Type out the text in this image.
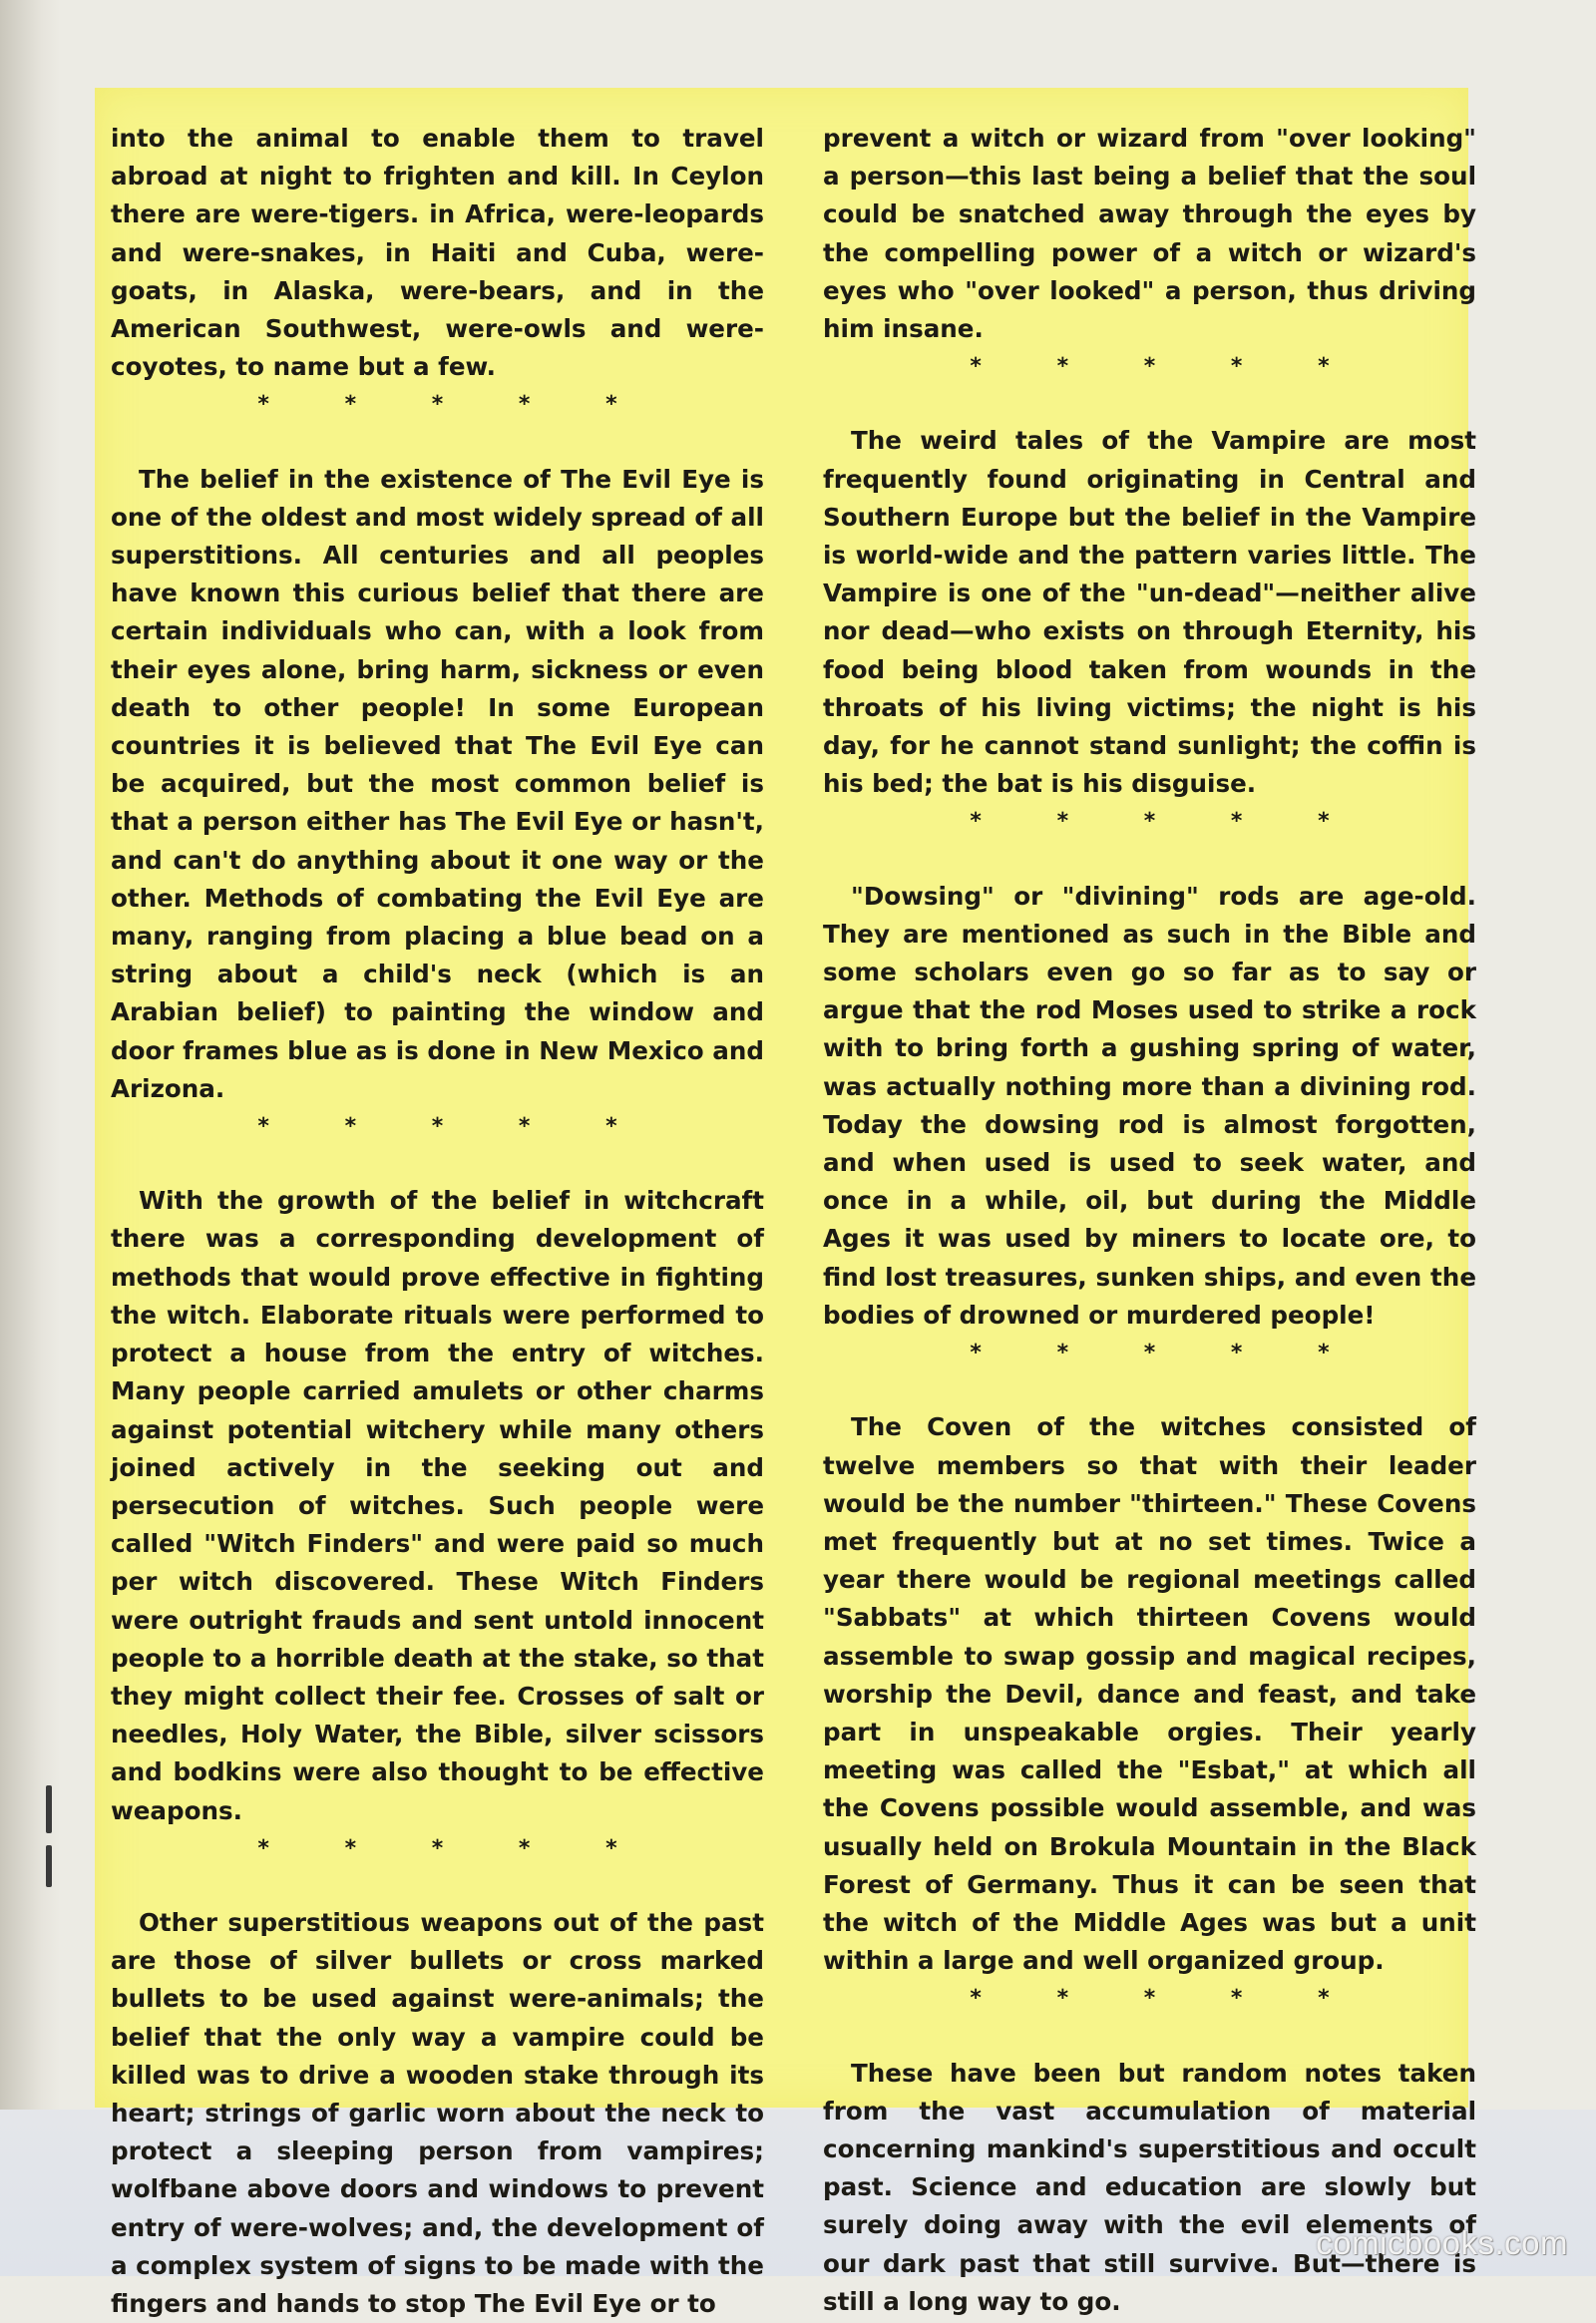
into the animal to enable them to travel abroad at night to frighten and kill. In Ceylon there are were-tigers. in Africa, were-leopards and were-snakes, in Haiti and Cuba, were-goats, in Alaska, were-bears, and in the American Southwest, were-owls and were-coyotes, to name but a few.

* * * * *

The belief in the existence of The Evil Eye is one of the oldest and most widely spread of all superstitions. All centuries and all peoples have known this curious belief that there are certain individuals who can, with a look from their eyes alone, bring harm, sickness or even death to other people! In some European countries it is believed that The Evil Eye can be acquired, but the most common belief is that a person either has The Evil Eye or hasn't, and can't do anything about it one way or the other. Methods of combating the Evil Eye are many, ranging from placing a blue bead on a string about a child's neck (which is an Arabian belief) to painting the window and door frames blue as is done in New Mexico and Arizona.

* * * * *

With the growth of the belief in witchcraft there was a corresponding development of methods that would prove effective in fighting the witch. Elaborate rituals were performed to protect a house from the entry of witches. Many people carried amulets or other charms against potential witchery while many others joined actively in the seeking out and persecution of witches. Such people were called "Witch Finders" and were paid so much per witch discovered. These Witch Finders were outright frauds and sent untold innocent people to a horrible death at the stake, so that they might collect their fee. Crosses of salt or needles, Holy Water, the Bible, silver scissors and bodkins were also thought to be effective weapons.

* * * * *

Other superstitious weapons out of the past are those of silver bullets or cross marked bullets to be used against were-animals; the belief that the only way a vampire could be killed was to drive a wooden stake through its heart; strings of garlic worn about the neck to protect a sleeping person from vampires; wolfbane above doors and windows to prevent entry of were-wolves; and, the development of a complex system of signs to be made with the fingers and hands to stop The Evil Eye or to

prevent a witch or wizard from "over looking" a person—this last being a belief that the soul could be snatched away through the eyes by the compelling power of a witch or wizard's eyes who "over looked" a person, thus driving him insane.

* * * * *

The weird tales of the Vampire are most frequently found originating in Central and Southern Europe but the belief in the Vampire is world-wide and the pattern varies little. The Vampire is one of the "un-dead"—neither alive nor dead—who exists on through Eternity, his food being blood taken from wounds in the throats of his living victims; the night is his day, for he cannot stand sunlight; the coffin is his bed; the bat is his disguise.

* * * * *

"Dowsing" or "divining" rods are age-old. They are mentioned as such in the Bible and some scholars even go so far as to say or argue that the rod Moses used to strike a rock with to bring forth a gushing spring of water, was actually nothing more than a divining rod. Today the dowsing rod is almost forgotten, and when used is used to seek water, and once in a while, oil, but during the Middle Ages it was used by miners to locate ore, to find lost treasures, sunken ships, and even the bodies of drowned or murdered people!

* * * * *

The Coven of the witches consisted of twelve members so that with their leader would be the number "thirteen." These Covens met frequently but at no set times. Twice a year there would be regional meetings called "Sabbats" at which thirteen Covens would assemble to swap gossip and magical recipes, worship the Devil, dance and feast, and take part in unspeakable orgies. Their yearly meeting was called the "Esbat," at which all the Covens possible would assemble, and was usually held on Brokula Mountain in the Black Forest of Germany. Thus it can be seen that the witch of the Middle Ages was but a unit within a large and well organized group.

* * * * *

These have been but random notes taken from the vast accumulation of material concerning mankind's superstitious and occult past. Science and education are slowly but surely doing away with the evil elements of our dark past that still survive. But—there is still a long way to go.

comicbooks.com
